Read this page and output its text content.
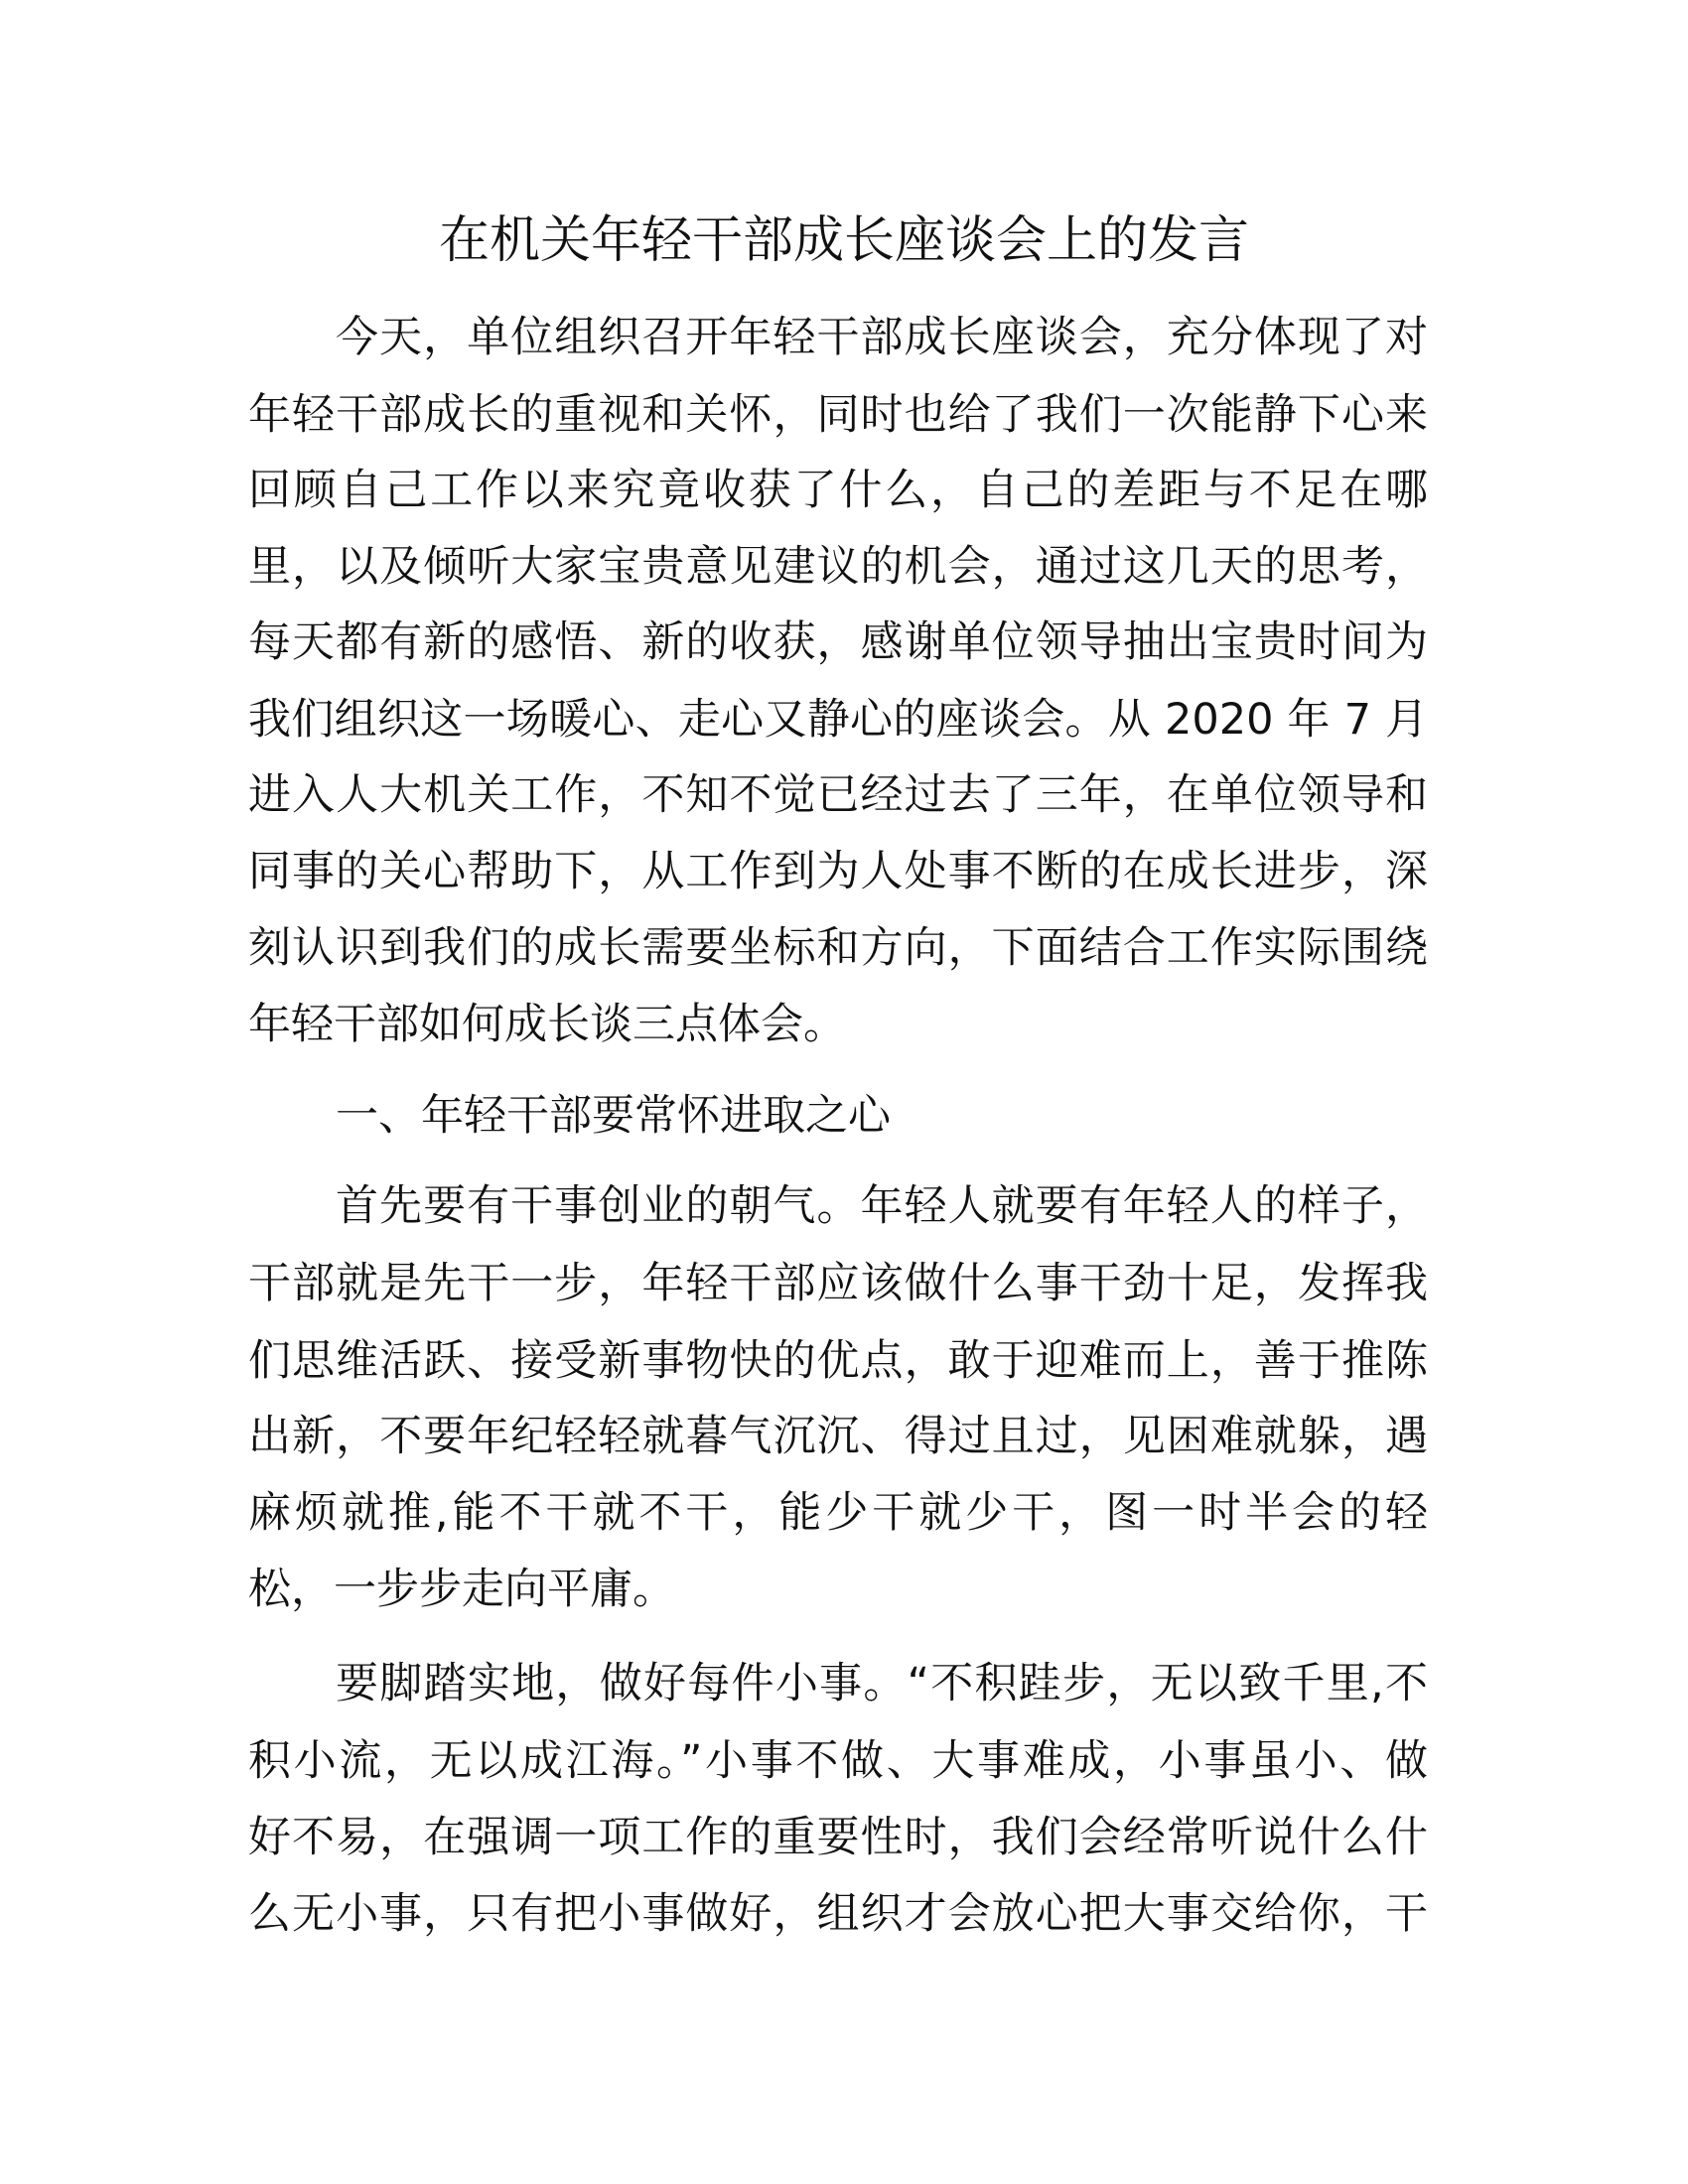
在机关年轻干部成长座谈会上的发言
今天，单位组织召开年轻干部成长座谈会，充分体现了对
年轻干部成长的重视和关怀，同时也给了我们一次能静下心来
回顾自己工作以来究竟收获了什么，自己的差距与不足在哪
里，以及倾听大家宝贵意见建议的机会，通过这几天的思考，
每天都有新的感悟、新的收获，感谢单位领导抽出宝贵时间为
我们组织这一场暖心、走心又静心的座谈会。从 2020 年 7 月
进入人大机关工作，不知不觉已经过去了三年，在单位领导和
同事的关心帮助下，从工作到为人处事不断的在成长进步，深
刻认识到我们的成长需要坐标和方向，下面结合工作实际围绕
年轻干部如何成长谈三点体会。
一、年轻干部要常怀进取之心
首先要有干事创业的朝气。年轻人就要有年轻人的样子，
干部就是先干一步，年轻干部应该做什么事干劲十足，发挥我
们思维活跃、接受新事物快的优点，敢于迎难而上，善于推陈
出新，不要年纪轻轻就暮气沉沉、得过且过，见困难就躲，遇
麻烦就推,能不干就不干，能少干就少干，图一时半会的轻
松，一步步走向平庸。
要脚踏实地，做好每件小事。“不积跬步，无以致千里,不
积小流，无以成江海。”小事不做、大事难成，小事虽小、做
好不易，在强调一项工作的重要性时，我们会经常听说什么什
么无小事，只有把小事做好，组织才会放心把大事交给你，干
